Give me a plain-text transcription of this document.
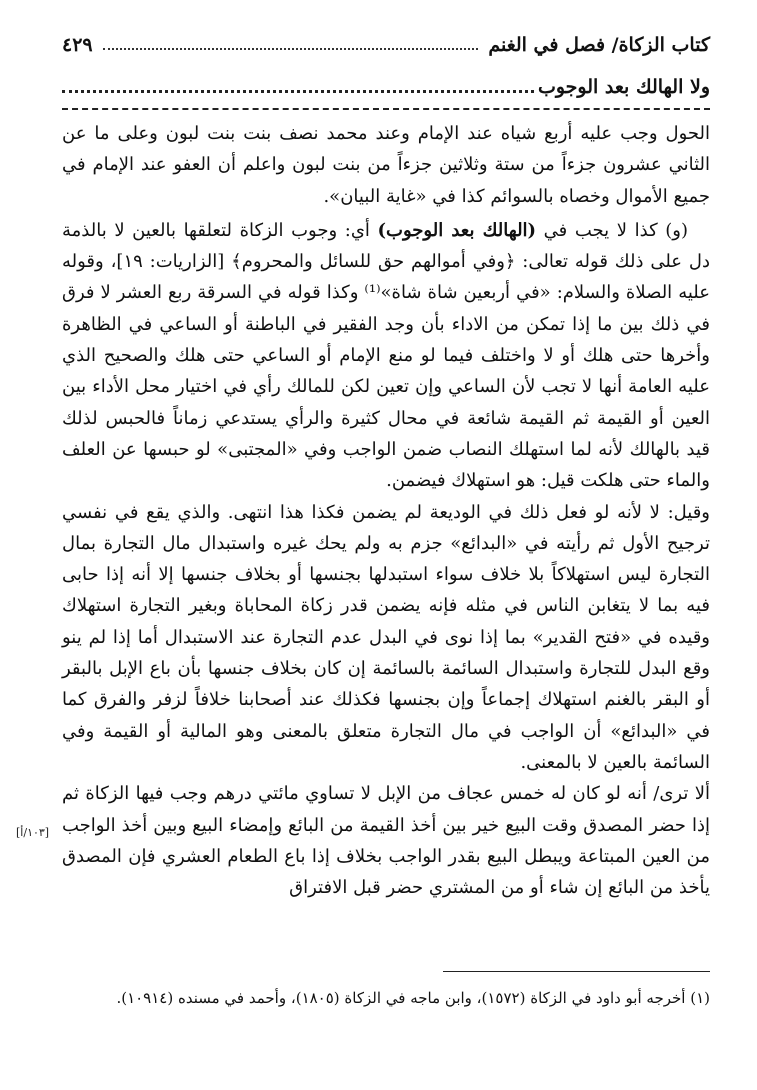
كتاب الزكاة/ فصل في الغنم
٤٢٩
ولا الهالك بعد الوجوب

الحول وجب عليه أربع شياه عند الإمام وعند محمد نصف بنت بنت لبون وعلى ما عن الثاني عشرون جزءاً من ستة وثلاثين جزءاً من بنت لبون واعلم أن العفو عند الإمام في جميع الأموال وخصاه بالسوائم كذا في «غاية البيان».

(و) كذا لا يجب في (الهالك بعد الوجوب) أي: وجوب الزكاة لتعلقها بالعين لا بالذمة دل على ذلك قوله تعالى: ﴿وفي أموالهم حق للسائل والمحروم﴾ [الزاريات: ١٩]، وقوله عليه الصلاة والسلام: «في أربعين شاة شاة»⁽¹⁾ وكذا قوله في السرقة ربع العشر لا فرق في ذلك بين ما إذا تمكن من الاداء بأن وجد الفقير في الباطنة أو الساعي في الظاهرة وأخرها حتى هلك أو لا واختلف فيما لو منع الإمام أو الساعي حتى هلك والصحيح الذي عليه العامة أنها لا تجب لأن الساعي وإن تعين لكن للمالك رأي في اختيار محل الأداء بين العين أو القيمة ثم القيمة شائعة في محال كثيرة والرأي يستدعي زماناً فالحبس لذلك قيد بالهالك لأنه لما استهلك النصاب ضمن الواجب وفي «المجتبى» لو حبسها عن العلف والماء حتى هلكت قيل: هو استهلاك فيضمن.

وقيل: لا لأنه لو فعل ذلك في الوديعة لم يضمن فكذا هذا انتهى. والذي يقع في نفسي ترجيح الأول ثم رأيته في «البدائع» جزم به ولم يحك غيره واستبدال مال التجارة بمال التجارة ليس استهلاكاً بلا خلاف سواء استبدلها بجنسها أو بخلاف جنسها إلا أنه إذا حابى فيه بما لا يتغابن الناس في مثله فإنه يضمن قدر زكاة المحاباة وبغير التجارة استهلاك وقيده في «فتح القدير» بما إذا نوى في البدل عدم التجارة عند الاستبدال أما إذا لم ينو وقع البدل للتجارة واستبدال السائمة بالسائمة إن كان بخلاف جنسها بأن باع الإبل بالبقر أو البقر بالغنم استهلاك إجماعاً وإن بجنسها فكذلك عند أصحابنا خلافاً لزفر والفرق كما في «البدائع» أن الواجب في مال التجارة متعلق بالمعنى وهو المالية أو القيمة وفي السائمة بالعين لا بالمعنى.

ألا ترى/ أنه لو كان له خمس عجاف من الإبل لا تساوي مائتي درهم وجب فيها الزكاة ثم إذا حضر المصدق وقت البيع خير بين أخذ القيمة من البائع وإمضاء البيع وبين أخذ الواجب من العين المبتاعة ويبطل البيع بقدر الواجب بخلاف إذا باع الطعام العشري فإن المصدق يأخذ من البائع إن شاء أو من المشتري حضر قبل الافتراق

[١٠٣/أ]
(١) أخرجه أبو داود في الزكاة (١٥٧٢)، وابن ماجه في الزكاة (١٨٠٥)، وأحمد في مسنده (١٠٩١٤).
